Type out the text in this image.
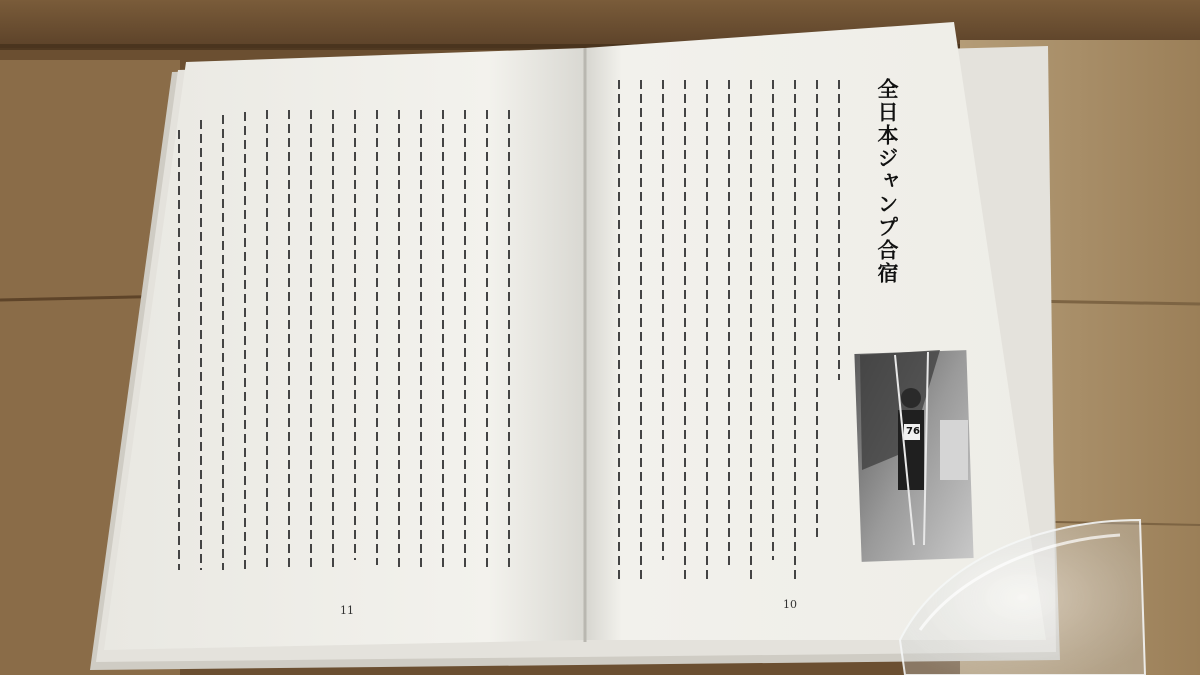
全日本ジャンプ合宿
76
11	10
